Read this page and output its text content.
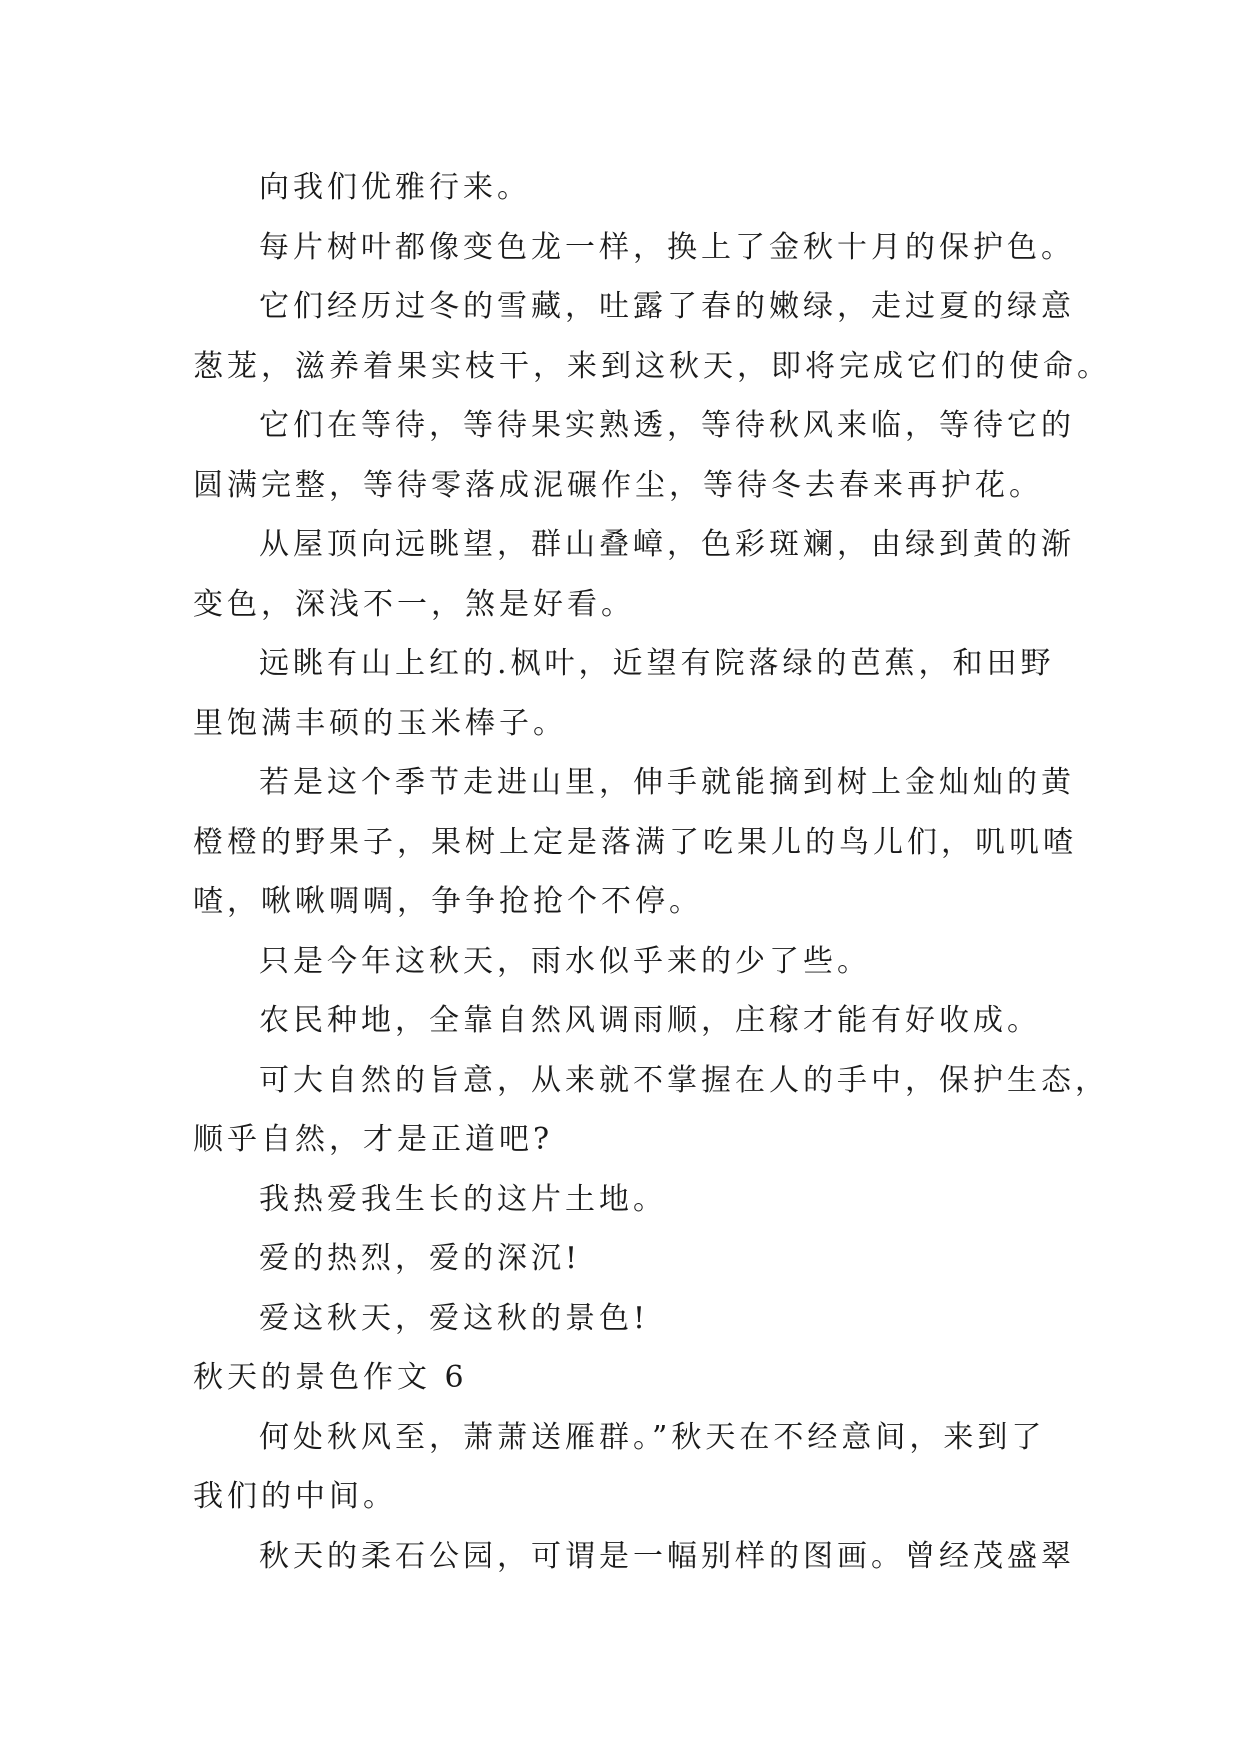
向我们优雅行来。
每片树叶都像变色龙一样，换上了金秋十月的保护色。
它们经历过冬的雪藏，吐露了春的嫩绿，走过夏的绿意
葱茏，滋养着果实枝干，来到这秋天，即将完成它们的使命。
它们在等待，等待果实熟透，等待秋风来临，等待它的
圆满完整，等待零落成泥碾作尘，等待冬去春来再护花。
从屋顶向远眺望，群山叠嶂，色彩斑斓，由绿到黄的渐
变色，深浅不一，煞是好看。
远眺有山上红的.枫叶，近望有院落绿的芭蕉，和田野
里饱满丰硕的玉米棒子。
若是这个季节走进山里，伸手就能摘到树上金灿灿的黄
橙橙的野果子，果树上定是落满了吃果儿的鸟儿们，叽叽喳
喳，啾啾啁啁，争争抢抢个不停。
只是今年这秋天，雨水似乎来的少了些。
农民种地，全靠自然风调雨顺，庄稼才能有好收成。
可大自然的旨意，从来就不掌握在人的手中，保护生态，
顺乎自然，才是正道吧?
我热爱我生长的这片土地。
爱的热烈，爱的深沉!
爱这秋天，爱这秋的景色!
秋天的景色作文 6
何处秋风至，萧萧送雁群。”秋天在不经意间，来到了
我们的中间。
秋天的柔石公园，可谓是一幅别样的图画。曾经茂盛翠
